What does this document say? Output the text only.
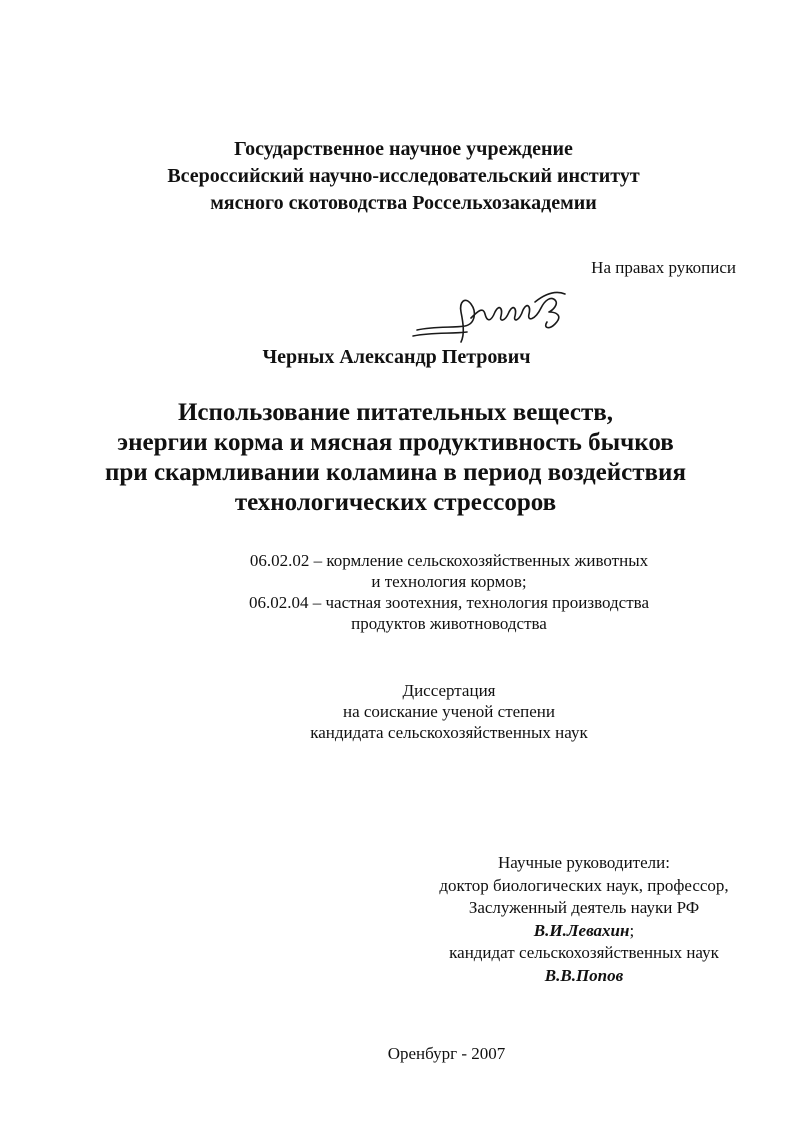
Государственное научное учреждение
Всероссийский научно-исследовательский институт
мясного скотоводства Россельхозакадемии
На правах рукописи
Черных Александр Петрович
Использование питательных веществ,
энергии корма и мясная продуктивность бычков
при скармливании коламина в период воздействия
технологических стрессоров
06.02.02 – кормление сельскохозяйственных животных
и технология кормов;
06.02.04 – частная зоотехния, технология производства
продуктов животноводства
Диссертация
на соискание ученой степени
кандидата сельскохозяйственных наук
Научные руководители:
доктор биологических наук, профессор,
Заслуженный деятель науки РФ
В.И.Левахин;
кандидат сельскохозяйственных наук
В.В.Попов
Оренбург - 2007
